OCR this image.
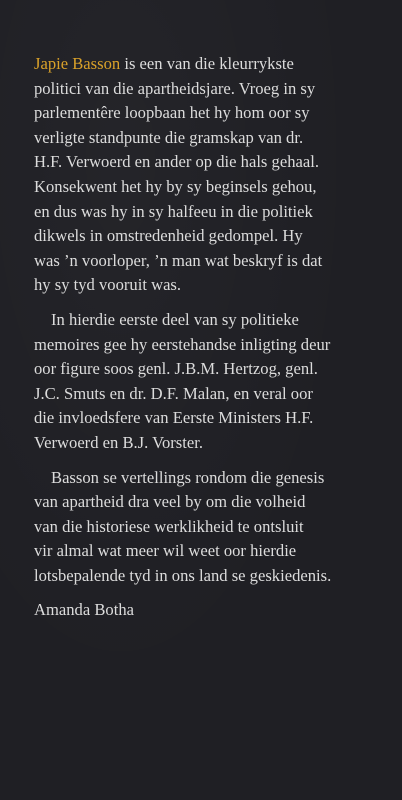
Japie Basson is een van die kleurrykste
politici van die apartheidsjare. Vroeg in sy
parlementêre loopbaan het hy hom oor sy
verligte standpunte die gramskap van dr.
H.F. Verwoerd en ander op die hals gehaal.
Konsekwent het hy by sy beginsels gehou,
en dus was hy in sy halfeeu in die politiek
dikwels in omstredenheid gedompel. Hy
was ’n voorloper, ’n man wat beskryf is dat
hy sy tyd vooruit was.
In hierdie eerste deel van sy politieke
memoires gee hy eerstehandse inligting deur
oor figure soos genl. J.B.M. Hertzog, genl.
J.C. Smuts en dr. D.F. Malan, en veral oor
die invloedsfere van Eerste Ministers H.F.
Verwoerd en B.J. Vorster.
Basson se vertellings rondom die genesis
van apartheid dra veel by om die volheid
van die historiese werklikheid te ontsluit
vir almal wat meer wil weet oor hierdie
lotsbepalende tyd in ons land se geskiedenis.
Amanda Botha
